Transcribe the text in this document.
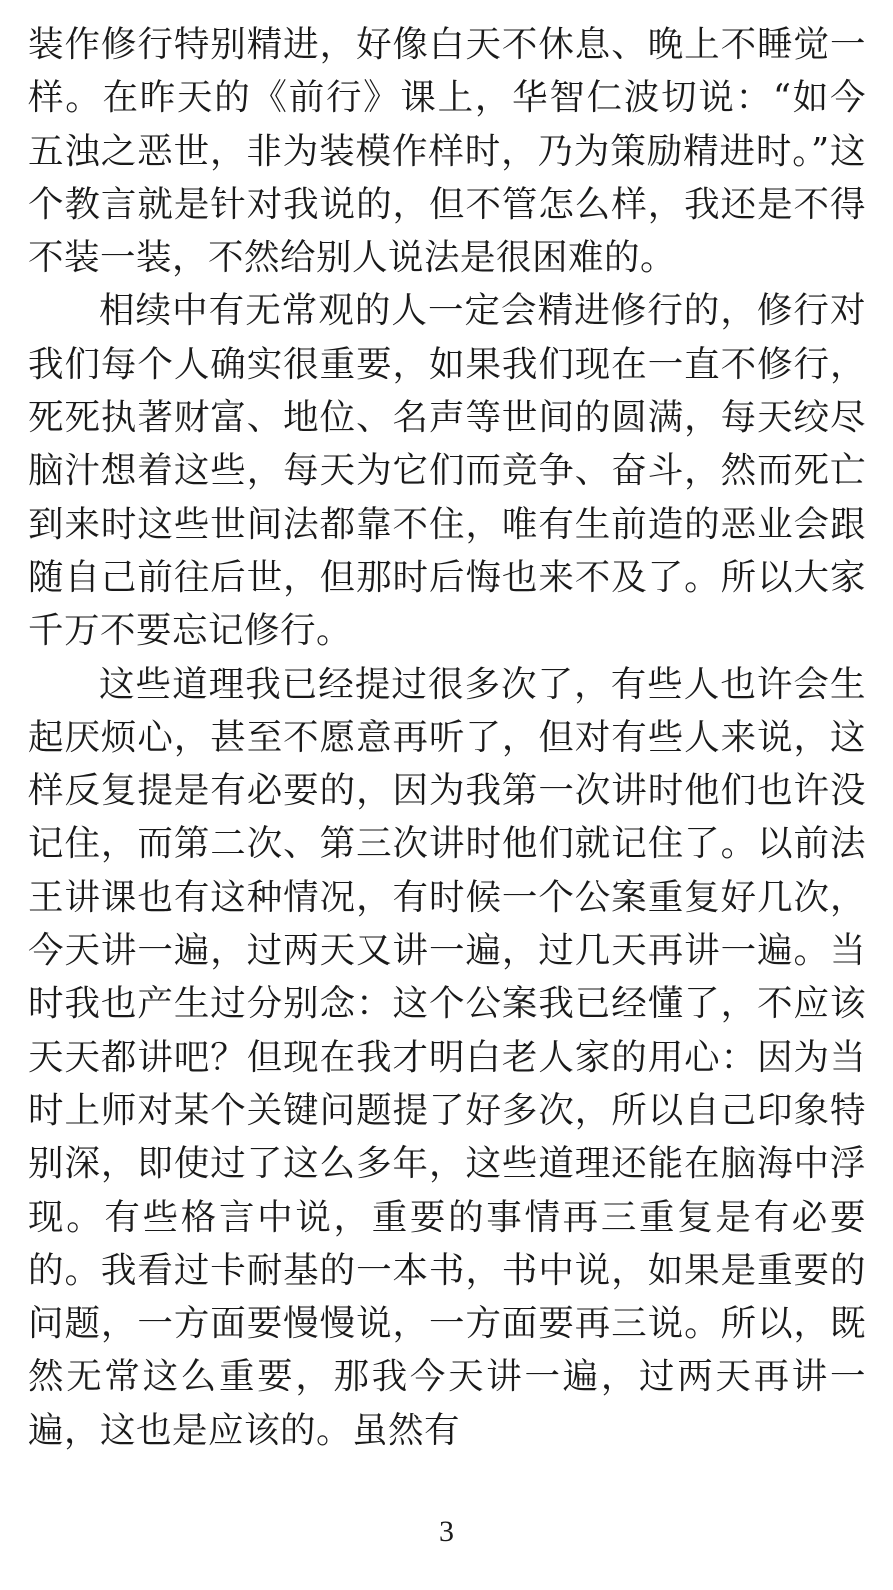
装作修行特别精进，好像白天不休息、晚上不睡觉一样。在昨天的《前行》课上，华智仁波切说：“如今五浊之恶世，非为装模作样时，乃为策励精进时。”这个教言就是针对我说的，但不管怎么样，我还是不得不装一装，不然给别人说法是很困难的。

相续中有无常观的人一定会精进修行的，修行对我们每个人确实很重要，如果我们现在一直不修行，死死执著财富、地位、名声等世间的圆满，每天绞尽脑汁想着这些，每天为它们而竞争、奋斗，然而死亡到来时这些世间法都靠不住，唯有生前造的恶业会跟随自己前往后世，但那时后悔也来不及了。所以大家千万不要忘记修行。

这些道理我已经提过很多次了，有些人也许会生起厌烦心，甚至不愿意再听了，但对有些人来说，这样反复提是有必要的，因为我第一次讲时他们也许没记住，而第二次、第三次讲时他们就记住了。以前法王讲课也有这种情况，有时候一个公案重复好几次，今天讲一遍，过两天又讲一遍，过几天再讲一遍。当时我也产生过分别念：这个公案我已经懂了，不应该天天都讲吧？但现在我才明白老人家的用心：因为当时上师对某个关键问题提了好多次，所以自己印象特别深，即使过了这么多年，这些道理还能在脑海中浮现。有些格言中说，重要的事情再三重复是有必要的。我看过卡耐基的一本书，书中说，如果是重要的问题，一方面要慢慢说，一方面要再三说。所以，既然无常这么重要，那我今天讲一遍，过两天再讲一遍，这也是应该的。虽然有

3
